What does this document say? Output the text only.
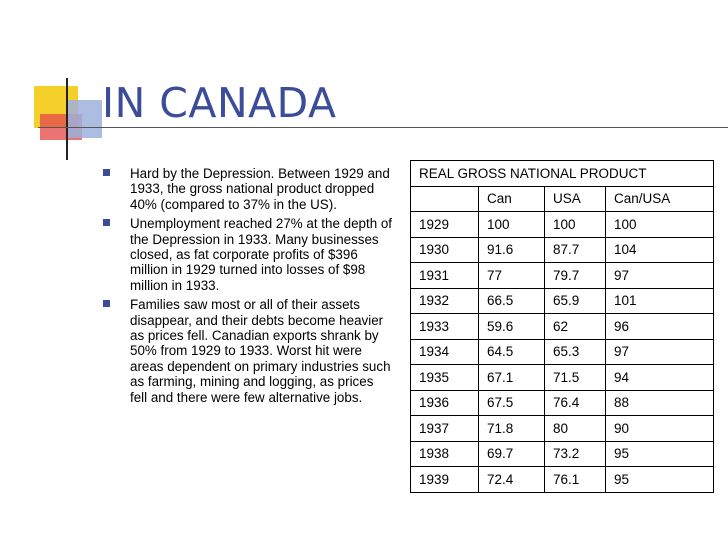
IN CANADA
Hard by the Depression. Between 1929 and 1933, the gross national product dropped 40% (compared to 37% in the US).
Unemployment reached 27% at the depth of the Depression in 1933. Many businesses closed, as fat corporate profits of $396 million in 1929 turned into losses of $98 million in 1933.
Families saw most or all of their assets disappear, and their debts become heavier as prices fell. Canadian exports shrank by 50% from 1929 to 1933. Worst hit were areas dependent on primary industries such as farming, mining and logging, as prices fell and there were few alternative jobs.
REAL GROSS NATIONAL PRODUCT			
	Can	USA	Can/USA
1929	100	100	100
1930	91.6	87.7	104
1931	77	79.7	97
1932	66.5	65.9	101
1933	59.6	62	96
1934	64.5	65.3	97
1935	67.1	71.5	94
1936	67.5	76.4	88
1937	71.8	80	90
1938	69.7	73.2	95
1939	72.4	76.1	95
